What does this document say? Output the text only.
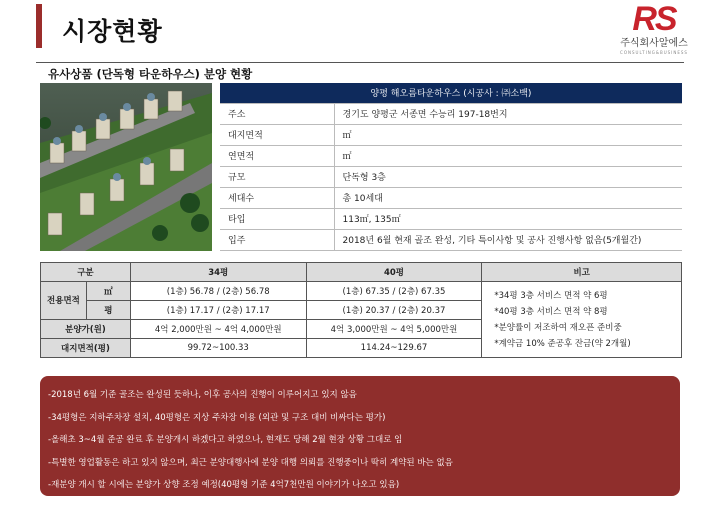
시장현황	RS
주식회사알에스
CONSULTING&BUSINESS
유사상품 (단독형 타운하우스) 분양 현황
양평 해오름타운하우스 (시공사 : ㈜소백)	
주소	경기도 양평군 서종면 수능리 197-18번지
대지면적	㎡
연면적	㎡
규모	단독형 3층
세대수	총 10세대
타입	113㎡, 135㎡
입주	2018년 6월 현재 골조 완성, 기타 특이사항 및 공사 진행사항 없음(5개월간)
구분		34평	40평	비고
전용면적	㎡	(1층) 56.78 / (2층) 56.78	(1층) 67.35 / (2층) 67.35	*34평 3층 서비스 면적 약 6평
*40평 3층 서비스 면적 약 8평
*분양률이 저조하여 재오픈 준비중
*계약금 10% 준공후 잔금(약 2개월)

	평	(1층) 17.17 / (2층) 17.17	(1층) 20.37 / (2층) 20.37	
분양가(원)		4억 2,000만원 ~ 4억 4,000만원	4억 3,000만원 ~ 4억 5,000만원	
대지면적(평)		99.72~100.33	114.24~129.67	

-2018년 6월 기준 골조는 완성된 듯하나, 이후 공사의 진행이 이루어지고 있지 않음

-34평형은 지하주차장 설치, 40평형은 지상 주차장 이용 (외관 및 구조 대비 비싸다는 평가)

-올해초 3~4월 준공 완료 후 분양개시 하겠다고 하였으나, 현재도 당해 2월 현장 상황 그대로 임

-특별한 영업활동은 하고 있지 않으며, 최근 분양대행사에 분양 대행 의뢰를 진행중이나 딱히 계약된 바는 없음

-재분양 개시 할 시에는 분양가 상향 조정 예정(40평형 기준 4억7천만원 이야기가 나오고 있음)
